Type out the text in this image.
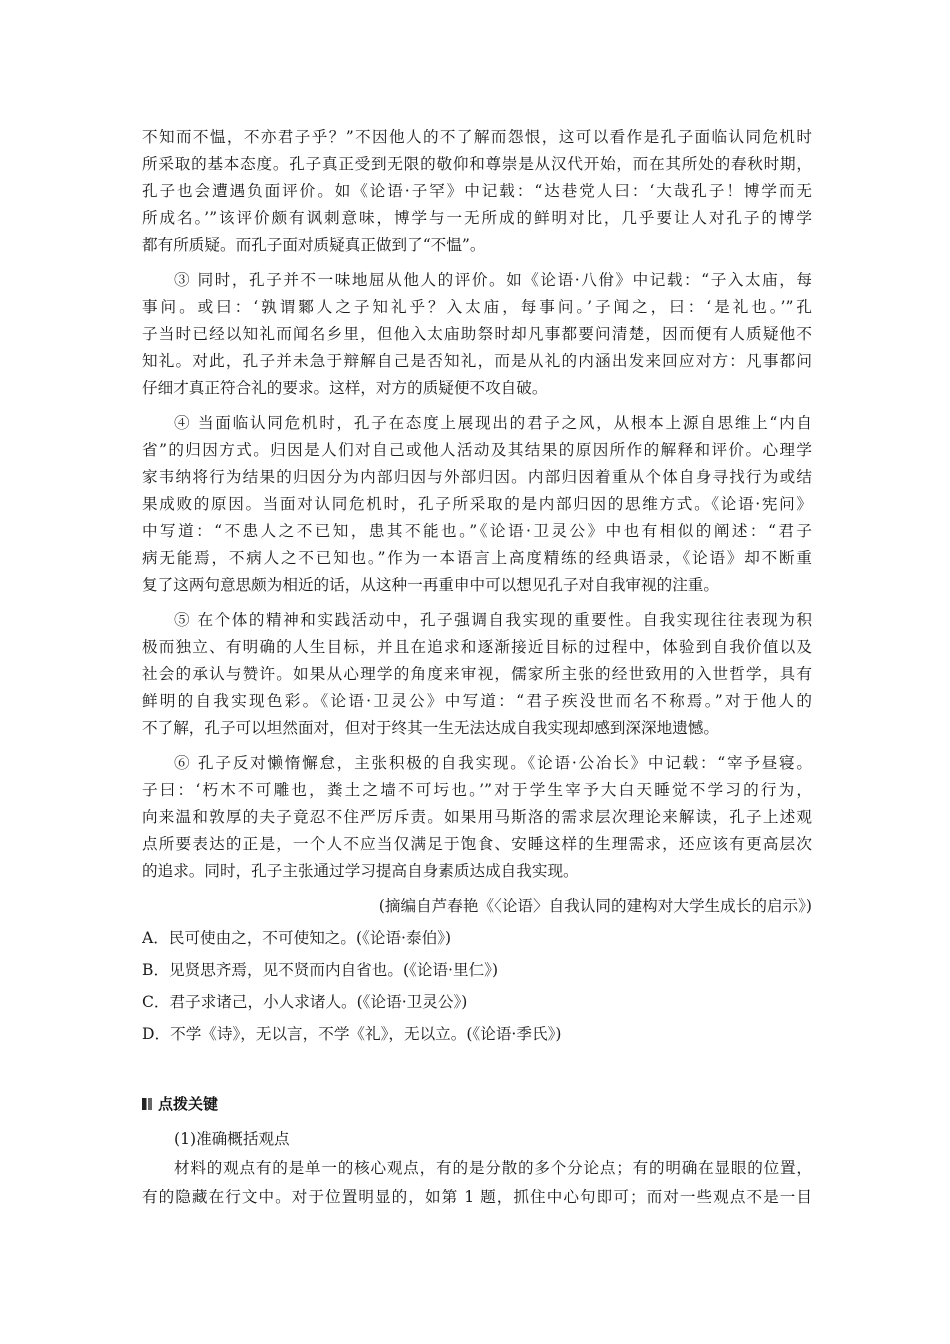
不知而不愠，不亦君子乎？”不因他人的不了解而怨恨，这可以看作是孔子面临认同危机时
所采取的基本态度。孔子真正受到无限的敬仰和尊崇是从汉代开始，而在其所处的春秋时期，
孔子也会遭遇负面评价。如《论语·子罕》中记载：“达巷党人曰：‘大哉孔子！博学而无
所成名。’”该评价颇有讽刺意味，博学与一无所成的鲜明对比，几乎要让人对孔子的博学
都有所质疑。而孔子面对质疑真正做到了“不愠”。
③ 同时，孔子并不一味地屈从他人的评价。如《论语·八佾》中记载：“子入太庙，每
事问。或曰：‘孰谓鄹人之子知礼乎？入太庙，每事问。’子闻之，曰：‘是礼也。’”孔
子当时已经以知礼而闻名乡里，但他入太庙助祭时却凡事都要问清楚，因而便有人质疑他不
知礼。对此，孔子并未急于辩解自己是否知礼，而是从礼的内涵出发来回应对方：凡事都问
仔细才真正符合礼的要求。这样，对方的质疑便不攻自破。
④ 当面临认同危机时，孔子在态度上展现出的君子之风，从根本上源自思维上“内自
省”的归因方式。归因是人们对自己或他人活动及其结果的原因所作的解释和评价。心理学
家韦纳将行为结果的归因分为内部归因与外部归因。内部归因着重从个体自身寻找行为或结
果成败的原因。当面对认同危机时，孔子所采取的是内部归因的思维方式。《论语·宪问》
中写道：“不患人之不已知，患其不能也。”《论语·卫灵公》中也有相似的阐述：“君子
病无能焉，不病人之不已知也。”作为一本语言上高度精练的经典语录，《论语》却不断重
复了这两句意思颇为相近的话，从这种一再重申中可以想见孔子对自我审视的注重。
⑤ 在个体的精神和实践活动中，孔子强调自我实现的重要性。自我实现往往表现为积
极而独立、有明确的人生目标，并且在追求和逐渐接近目标的过程中，体验到自我价值以及
社会的承认与赞许。如果从心理学的角度来审视，儒家所主张的经世致用的入世哲学，具有
鲜明的自我实现色彩。《论语·卫灵公》中写道：“君子疾没世而名不称焉。”对于他人的
不了解，孔子可以坦然面对，但对于终其一生无法达成自我实现却感到深深地遗憾。
⑥ 孔子反对懒惰懈怠，主张积极的自我实现。《论语·公冶长》中记载：“宰予昼寝。
子曰：‘朽木不可雕也，粪土之墙不可圬也。’”对于学生宰予大白天睡觉不学习的行为，
向来温和敦厚的夫子竟忍不住严厉斥责。如果用马斯洛的需求层次理论来解读，孔子上述观
点所要表达的正是，一个人不应当仅满足于饱食、安睡这样的生理需求，还应该有更高层次
的追求。同时，孔子主张通过学习提高自身素质达成自我实现。
(摘编自芦春艳《〈论语〉自我认同的建构对大学生成长的启示》)
A．民可使由之，不可使知之。(《论语·泰伯》)
B．见贤思齐焉，见不贤而内自省也。(《论语·里仁》)
C．君子求诸己，小人求诸人。(《论语·卫灵公》)
D．不学《诗》，无以言，不学《礼》，无以立。(《论语·季氏》)
点拨关键
(1)准确概括观点
材料的观点有的是单一的核心观点，有的是分散的多个分论点；有的明确在显眼的位置，
有的隐藏在行文中。对于位置明显的，如第 1 题，抓住中心句即可；而对一些观点不是一目
